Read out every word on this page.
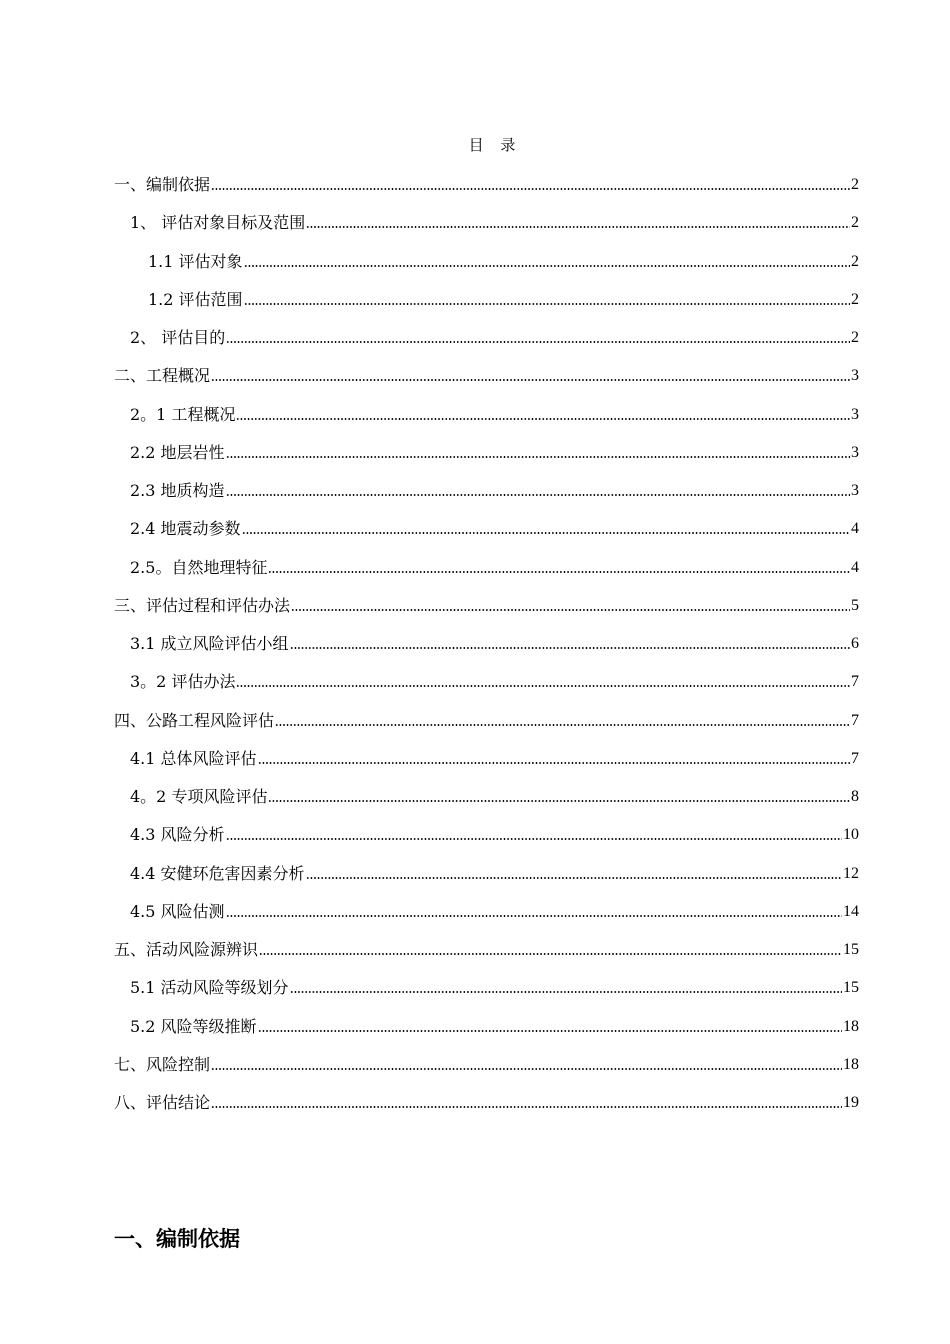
目 录
一、编制依据	2
1、 评估对象目标及范围	2
1.1 评估对象	2
1.2 评估范围	2
2、 评估目的	2
二、工程概况	3
2。1 工程概况	3
2.2 地层岩性	3
2.3 地质构造	3
2.4 地震动参数	4
2.5。自然地理特征	4
三、评估过程和评估办法	5
3.1 成立风险评估小组	6
3。2 评估办法	7
四、公路工程风险评估	7
4.1 总体风险评估	7
4。2 专项风险评估	8
4.3 风险分析	10
4.4 安健环危害因素分析	12
4.5 风险估测	14
五、活动风险源辨识	15
5.1 活动风险等级划分	15
5.2 风险等级推断	18
七、风险控制	18
八、评估结论	19
一、编制依据
